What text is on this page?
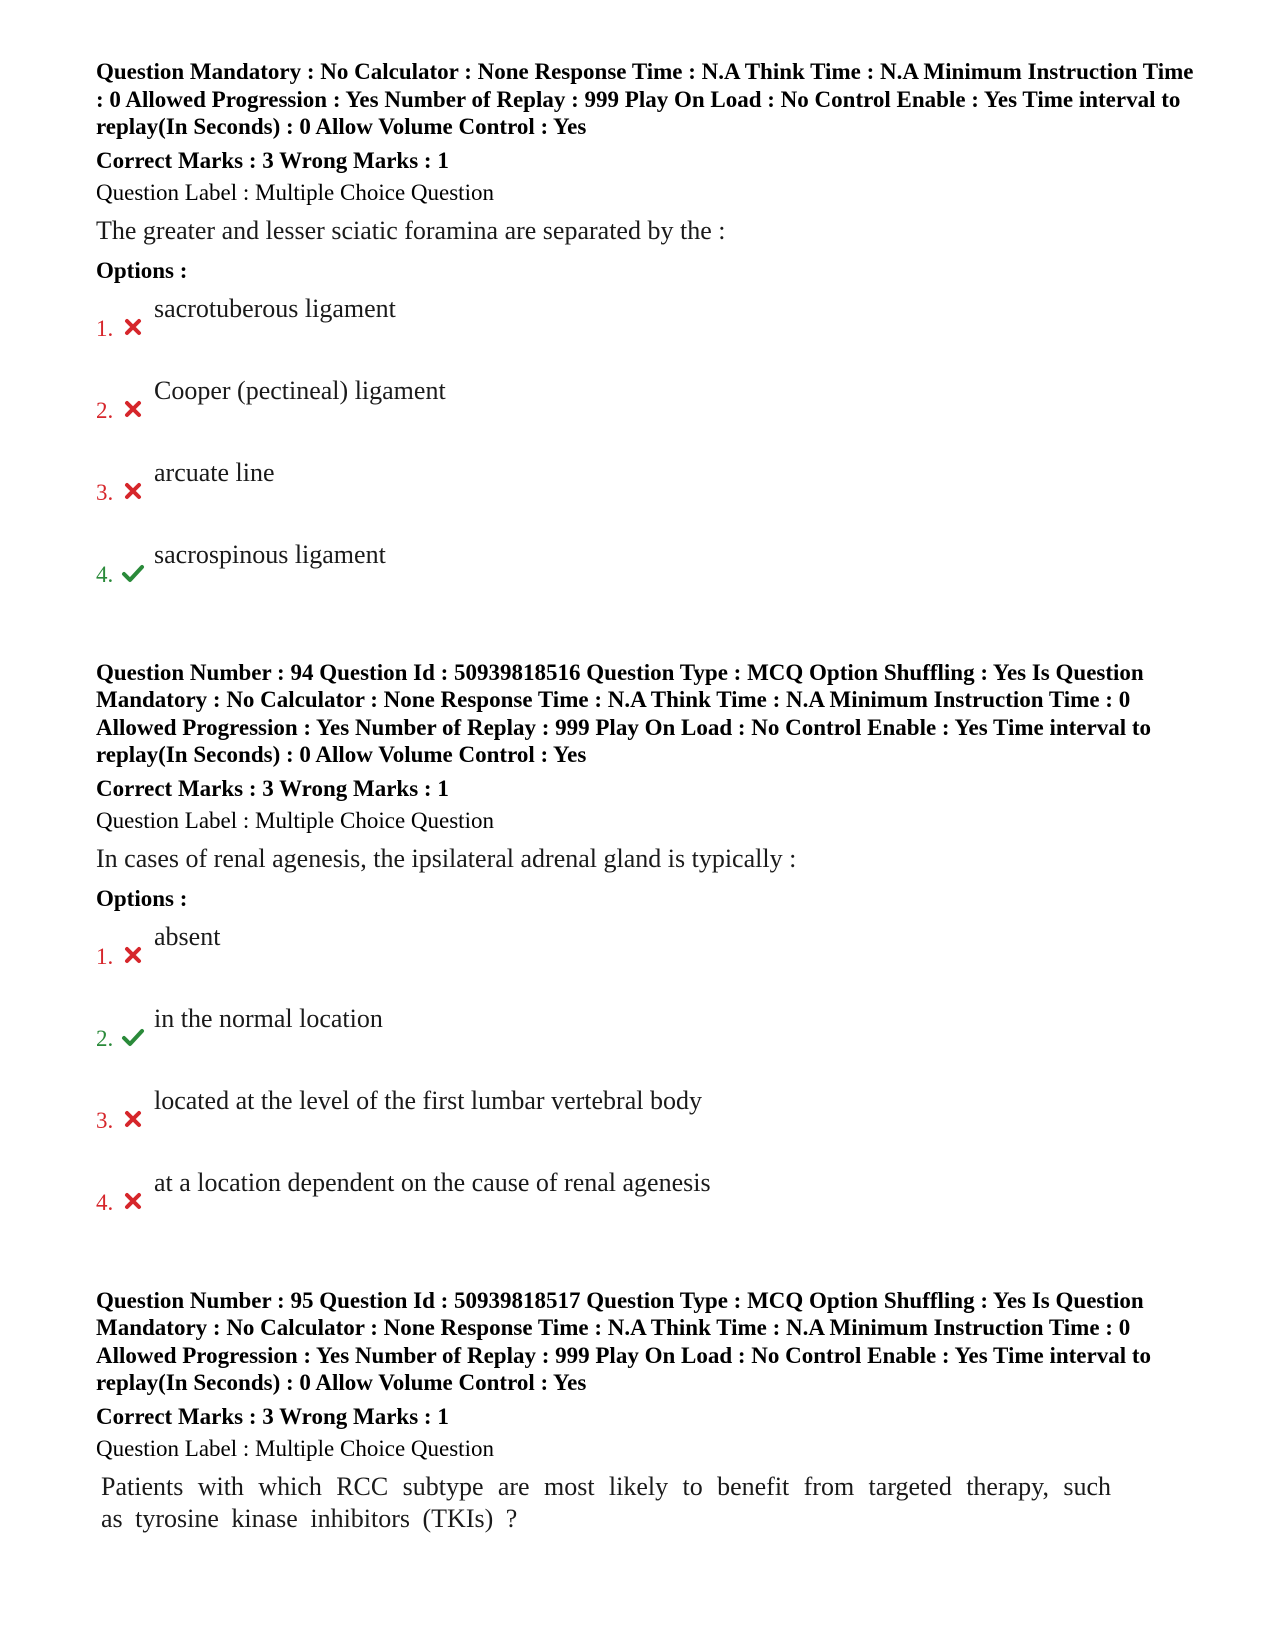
Question Mandatory : No Calculator : None Response Time : N.A Think Time : N.A Minimum Instruction Time : 0 Allowed Progression : Yes Number of Replay : 999 Play On Load : No Control Enable : Yes Time interval to replay(In Seconds) : 0 Allow Volume Control : Yes

Correct Marks : 3 Wrong Marks : 1

Question Label : Multiple Choice Question

The greater and lesser sciatic foramina are separated by the :

Options :

1.
sacrotuberous ligament
2.
Cooper (pectineal) ligament
3.
arcuate line
4.
sacrospinous ligament

Question Number : 94 Question Id : 50939818516 Question Type : MCQ Option Shuffling : Yes Is Question Mandatory : No Calculator : None Response Time : N.A Think Time : N.A Minimum Instruction Time : 0 Allowed Progression : Yes Number of Replay : 999 Play On Load : No Control Enable : Yes Time interval to replay(In Seconds) : 0 Allow Volume Control : Yes

Correct Marks : 3 Wrong Marks : 1

Question Label : Multiple Choice Question

In cases of renal agenesis, the ipsilateral adrenal gland is typically :

Options :

1.
absent
2.
in the normal location
3.
located at the level of the first lumbar vertebral body
4.
at a location dependent on the cause of renal agenesis

Question Number : 95 Question Id : 50939818517 Question Type : MCQ Option Shuffling : Yes Is Question Mandatory : No Calculator : None Response Time : N.A Think Time : N.A Minimum Instruction Time : 0 Allowed Progression : Yes Number of Replay : 999 Play On Load : No Control Enable : Yes Time interval to replay(In Seconds) : 0 Allow Volume Control : Yes

Correct Marks : 3 Wrong Marks : 1

Question Label : Multiple Choice Question

Patients with which RCC subtype are most likely to benefit from targeted therapy, such as tyrosine kinase inhibitors (TKIs) ?
